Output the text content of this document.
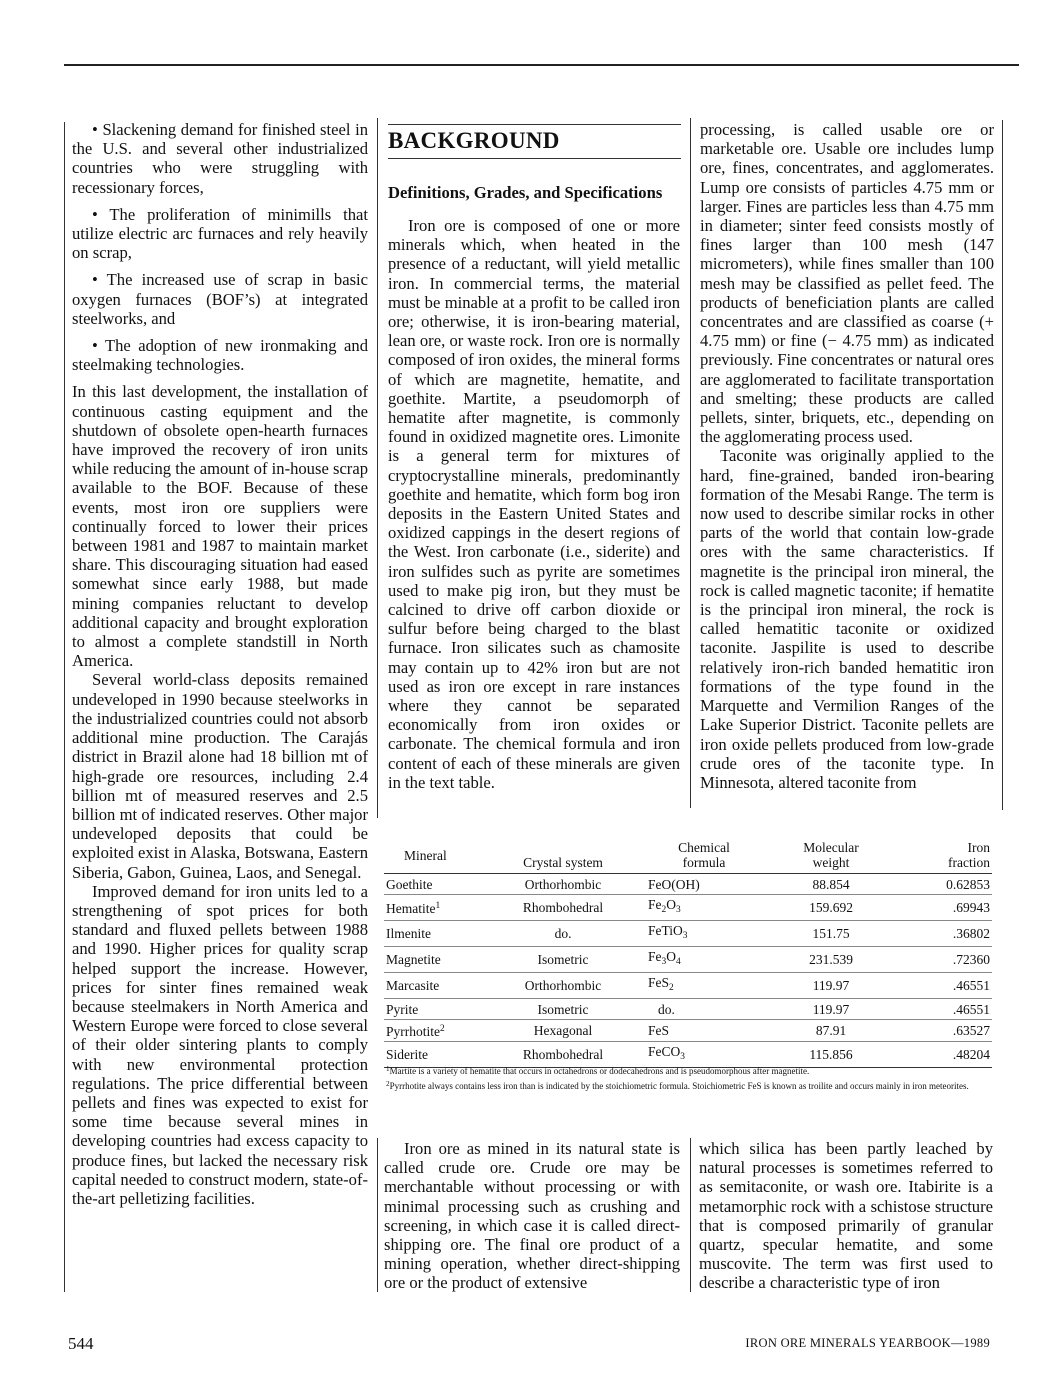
• Slackening demand for finished steel in the U.S. and several other industrialized countries who were struggling with recessionary forces,

• The proliferation of minimills that utilize electric arc furnaces and rely heavily on scrap,

• The increased use of scrap in basic oxygen furnaces (BOF’s) at integrated steelworks, and

• The adoption of new ironmaking and steelmaking technologies.

In this last development, the installation of continuous casting equipment and the shutdown of obsolete open-hearth furnaces have improved the recovery of iron units while reducing the amount of in-house scrap available to the BOF. Because of these events, most iron ore suppliers were continually forced to lower their prices between 1981 and 1987 to maintain market share. This discouraging situation had eased somewhat since early 1988, but made mining companies reluctant to develop additional capacity and brought exploration to almost a complete standstill in North America.

Several world-class deposits remained undeveloped in 1990 because steelworks in the industrialized countries could not absorb additional mine production. The Carajás district in Brazil alone had 18 billion mt of high-grade ore resources, including 2.4 billion mt of measured reserves and 2.5 billion mt of indicated reserves. Other major undeveloped deposits that could be exploited exist in Alaska, Botswana, Eastern Siberia, Gabon, Guinea, Laos, and Senegal.

Improved demand for iron units led to a strengthening of spot prices for both standard and fluxed pellets between 1988 and 1990. Higher prices for quality scrap helped support the increase. However, prices for sinter fines remained weak because steelmakers in North America and Western Europe were forced to close several of their older sintering plants to comply with new environmental protection regulations. The price differential between pellets and fines was expected to exist for some time because several mines in developing countries had excess capacity to produce fines, but lacked the necessary risk capital needed to construct modern, state-of-the-art pelletizing facilities.

BACKGROUND
Definitions, Grades, and Specifications

Iron ore is composed of one or more minerals which, when heated in the presence of a reductant, will yield metallic iron. In commercial terms, the material must be minable at a profit to be called iron ore; otherwise, it is iron-bearing material, lean ore, or waste rock. Iron ore is normally composed of iron oxides, the mineral forms of which are magnetite, hematite, and goethite. Martite, a pseudomorph of hematite after magnetite, is commonly found in oxidized magnetite ores. Limonite is a general term for mixtures of cryptocrystalline minerals, predominantly goethite and hematite, which form bog iron deposits in the Eastern United States and oxidized cappings in the desert regions of the West. Iron carbonate (i.e., siderite) and iron sulfides such as pyrite are sometimes used to make pig iron, but they must be calcined to drive off carbon dioxide or sulfur before being charged to the blast furnace. Iron silicates such as chamosite may contain up to 42% iron but are not used as iron ore except in rare instances where they cannot be separated economically from iron oxides or carbonate. The chemical formula and iron content of each of these minerals are given in the text table.

processing, is called usable ore or marketable ore. Usable ore includes lump ore, fines, concentrates, and agglomerates. Lump ore consists of particles 4.75 mm or larger. Fines are particles less than 4.75 mm in diameter; sinter feed consists mostly of fines larger than 100 mesh (147 micrometers), while fines smaller than 100 mesh may be classified as pellet feed. The products of beneficiation plants are called concentrates and are classified as coarse (+ 4.75 mm) or fine (− 4.75 mm) as indicated previously. Fine concentrates or natural ores are agglomerated to facilitate transportation and smelting; these products are called pellets, sinter, briquets, etc., depending on the agglomerating process used.

Taconite was originally applied to the hard, fine-grained, banded iron-bearing formation of the Mesabi Range. The term is now used to describe similar rocks in other parts of the world that contain low-grade ores with the same characteristics. If magnetite is the principal iron mineral, the rock is called magnetic taconite; if hematite is the principal iron mineral, the rock is called hematitic taconite or oxidized taconite. Jaspilite is used to describe relatively iron-rich banded hematitic iron formations of the type found in the Marquette and Vermilion Ranges of the Lake Superior District. Taconite pellets are iron oxide pellets produced from low-grade crude ores of the taconite type. In Minnesota, altered taconite from

Mineral	Crystal system	Chemical formula	Molecular weight	Iron fraction
Goethite	Orthorhombic	FeO(OH)	88.854	0.62853
Hematite$^1$	Rhombohedral	$Fe_2O_3$	159.692	.69943
Ilmenite	do.	FeTiO$_3$	151.75	.36802
Magnetite	Isometric	$Fe_3O_4$	231.539	.72360
Marcasite	Orthorhombic	FeS$_2$	119.97	.46551
Pyrite	Isometric	do.	119.97	.46551
Pyrrhotite$^2$	Hexagonal	FeS	87.91	.63527
Siderite	Rhombohedral	FeCO$_3$	115.856	.48204

$^1$Martite is a variety of hematite that occurs in octahedrons or dodecahedrons and is pseudomorphous after magnetite.

$^2$Pyrrhotite always contains less iron than is indicated by the stoichiometric formula. Stoichiometric FeS is known as troilite and occurs mainly in iron meteorites.

Iron ore as mined in its natural state is called crude ore. Crude ore may be merchantable without processing or with minimal processing such as crushing and screening, in which case it is called direct-shipping ore. The final ore product of a mining operation, whether direct-shipping ore or the product of extensive

which silica has been partly leached by natural processes is sometimes referred to as semitaconite, or wash ore. Itabirite is a metamorphic rock with a schistose structure that is composed primarily of granular quartz, specular hematite, and some muscovite. The term was first used to describe a characteristic type of iron

544	IRON ORE MINERALS YEARBOOK—1989
